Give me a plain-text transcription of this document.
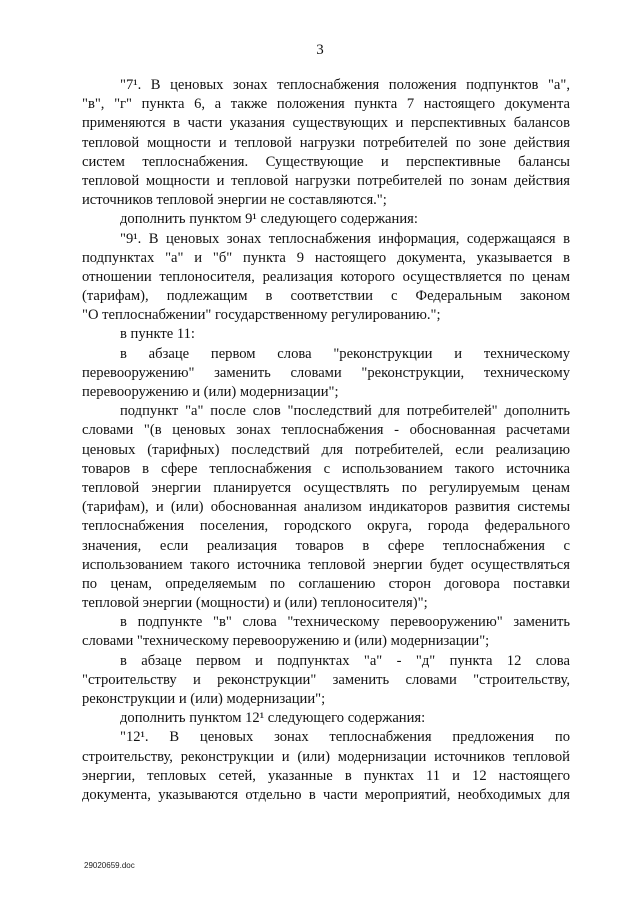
3
"7¹. В ценовых зонах теплоснабжения положения подпунктов "а",
"в", "г" пункта 6, а также положения пункта 7 настоящего документа
применяются в части указания существующих и перспективных балансов
тепловой мощности и тепловой нагрузки потребителей по зоне действия
систем теплоснабжения. Существующие и перспективные балансы
тепловой мощности и тепловой нагрузки потребителей по зонам действия
источников тепловой энергии не составляются.";
дополнить пунктом 9¹ следующего содержания:
"9¹. В ценовых зонах теплоснабжения информация, содержащаяся в
подпунктах "а" и "б" пункта 9 настоящего документа, указывается в
отношении теплоносителя, реализация которого осуществляется по ценам
(тарифам), подлежащим в соответствии с Федеральным законом
"О теплоснабжении" государственному регулированию.";
в пункте 11:
в абзаце первом слова "реконструкции и техническому
перевооружению" заменить словами "реконструкции, техническому
перевооружению и (или) модернизации";
подпункт "а" после слов "последствий для потребителей" дополнить
словами "(в ценовых зонах теплоснабжения - обоснованная расчетами
ценовых (тарифных) последствий для потребителей, если реализацию
товаров в сфере теплоснабжения с использованием такого источника
тепловой энергии планируется осуществлять по регулируемым ценам
(тарифам), и (или) обоснованная анализом индикаторов развития системы
теплоснабжения поселения, городского округа, города федерального
значения, если реализация товаров в сфере теплоснабжения с
использованием такого источника тепловой энергии будет осуществляться
по ценам, определяемым по соглашению сторон договора поставки
тепловой энергии (мощности) и (или) теплоносителя)";
в подпункте "в" слова "техническому перевооружению" заменить
словами "техническому перевооружению и (или) модернизации";
в абзаце первом и подпунктах "а" - "д" пункта 12 слова
"строительству и реконструкции" заменить словами "строительству,
реконструкции и (или) модернизации";
дополнить пунктом 12¹ следующего содержания:
"12¹. В ценовых зонах теплоснабжения предложения по
строительству, реконструкции и (или) модернизации источников тепловой
энергии, тепловых сетей, указанные в пунктах 11 и 12 настоящего
документа, указываются отдельно в части мероприятий, необходимых для
29020659.doc
